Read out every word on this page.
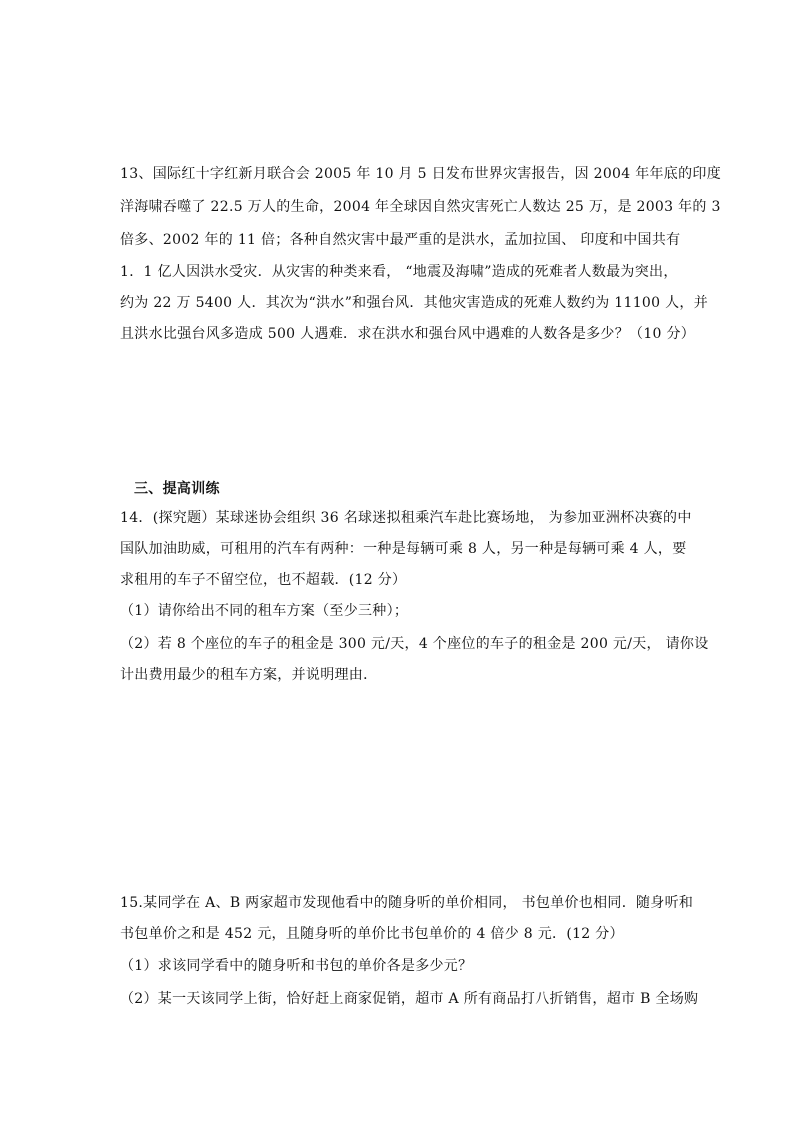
13、国际红十字红新月联合会 2005 年 10 月 5 日发布世界灾害报告，因 2004 年年底的印度
洋海啸吞噬了 22.5 万人的生命，2004 年全球因自然灾害死亡人数达 25 万，是 2003 年的 3
倍多、2002 年的 11 倍；各种自然灾害中最严重的是洪水，孟加拉国、 印度和中国共有
1．1 亿人因洪水受灾．从灾害的种类来看， “地震及海啸”造成的死难者人数最为突出，
约为 22 万 5400 人．其次为“洪水”和强台风．其他灾害造成的死难人数约为 11100 人，并
且洪水比强台风多造成 500 人遇难．求在洪水和强台风中遇难的人数各是多少？（10 分）
三、提高训练
14．(探究题）某球迷协会组织 36 名球迷拟租乘汽车赴比赛场地， 为参加亚洲杯决赛的中
国队加油助威，可租用的汽车有两种：一种是每辆可乘 8 人，另一种是每辆可乘 4 人，要
求租用的车子不留空位，也不超载．(12 分）
（1）请你给出不同的租车方案（至少三种）；
（2）若 8 个座位的车子的租金是 300 元/天，4 个座位的车子的租金是 200 元/天， 请你设
计出费用最少的租车方案，并说明理由．
15.某同学在 A、B 两家超市发现他看中的随身听的单价相同， 书包单价也相同．随身听和
书包单价之和是 452 元，且随身听的单价比书包单价的 4 倍少 8 元．(12 分）
（1）求该同学看中的随身听和书包的单价各是多少元？
（2）某一天该同学上街，恰好赶上商家促销，超市 A 所有商品打八折销售，超市 B 全场购
